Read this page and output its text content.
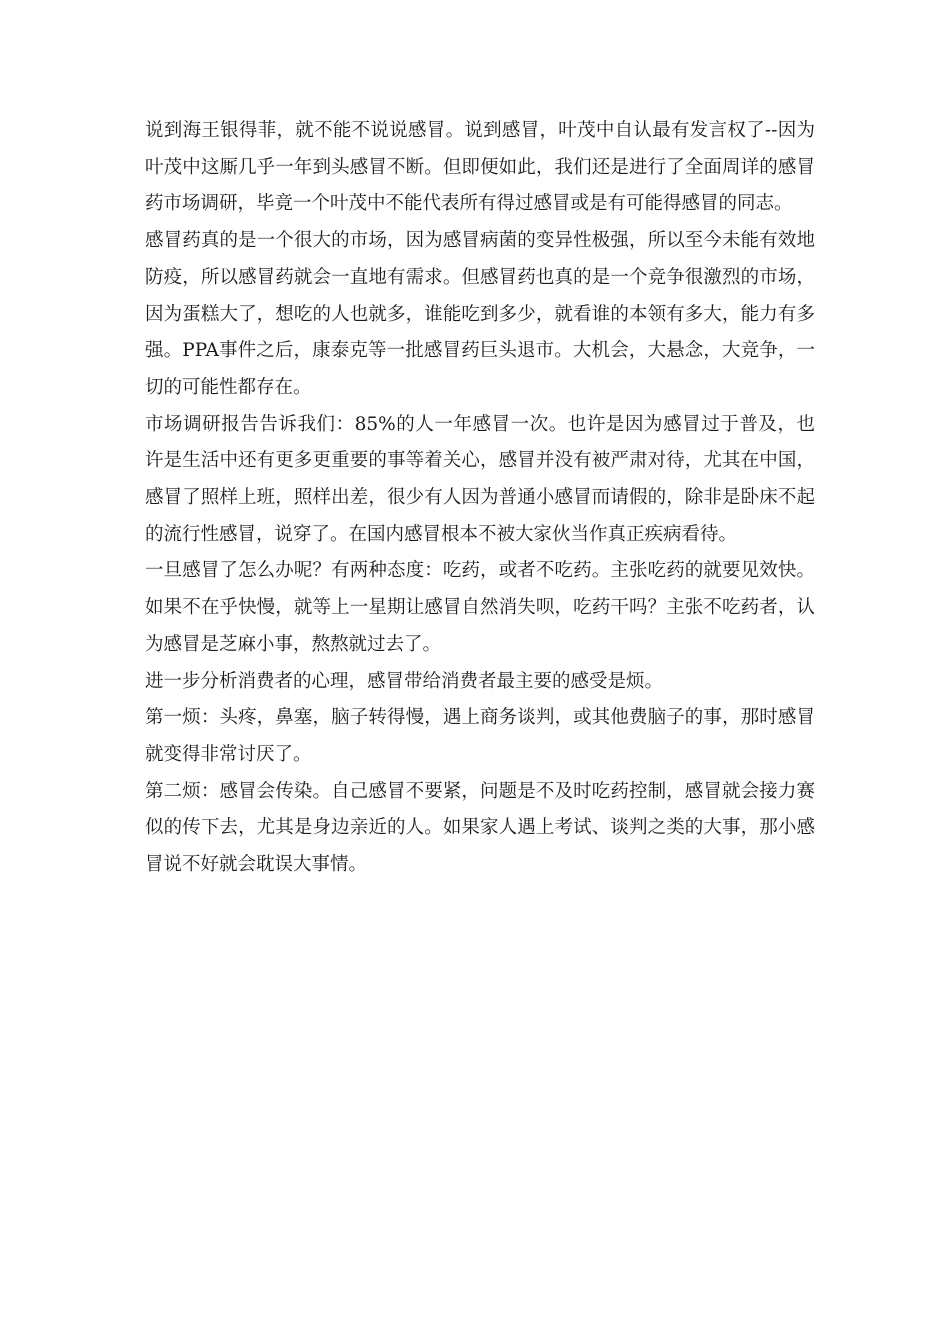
说到海王银得菲，就不能不说说感冒。说到感冒，叶茂中自认最有发言权了--因为叶茂中这厮几乎一年到头感冒不断。但即便如此，我们还是进行了全面周详的感冒药市场调研，毕竟一个叶茂中不能代表所有得过感冒或是有可能得感冒的同志。

感冒药真的是一个很大的市场，因为感冒病菌的变异性极强，所以至今未能有效地防疫，所以感冒药就会一直地有需求。但感冒药也真的是一个竞争很激烈的市场，因为蛋糕大了，想吃的人也就多，谁能吃到多少，就看谁的本领有多大，能力有多强。PPA事件之后，康泰克等一批感冒药巨头退市。大机会，大悬念，大竞争，一切的可能性都存在。

市场调研报告告诉我们：85%的人一年感冒一次。也许是因为感冒过于普及，也许是生活中还有更多更重要的事等着关心，感冒并没有被严肃对待，尤其在中国，感冒了照样上班，照样出差，很少有人因为普通小感冒而请假的，除非是卧床不起的流行性感冒，说穿了。在国内感冒根本不被大家伙当作真正疾病看待。

一旦感冒了怎么办呢？有两种态度：吃药，或者不吃药。主张吃药的就要见效快。如果不在乎快慢，就等上一星期让感冒自然消失呗，吃药干吗？主张不吃药者，认为感冒是芝麻小事，熬熬就过去了。

进一步分析消费者的心理，感冒带给消费者最主要的感受是烦。

第一烦：头疼，鼻塞，脑子转得慢，遇上商务谈判，或其他费脑子的事，那时感冒就变得非常讨厌了。

第二烦：感冒会传染。自己感冒不要紧，问题是不及时吃药控制，感冒就会接力赛似的传下去，尤其是身边亲近的人。如果家人遇上考试、谈判之类的大事，那小感冒说不好就会耽误大事情。
